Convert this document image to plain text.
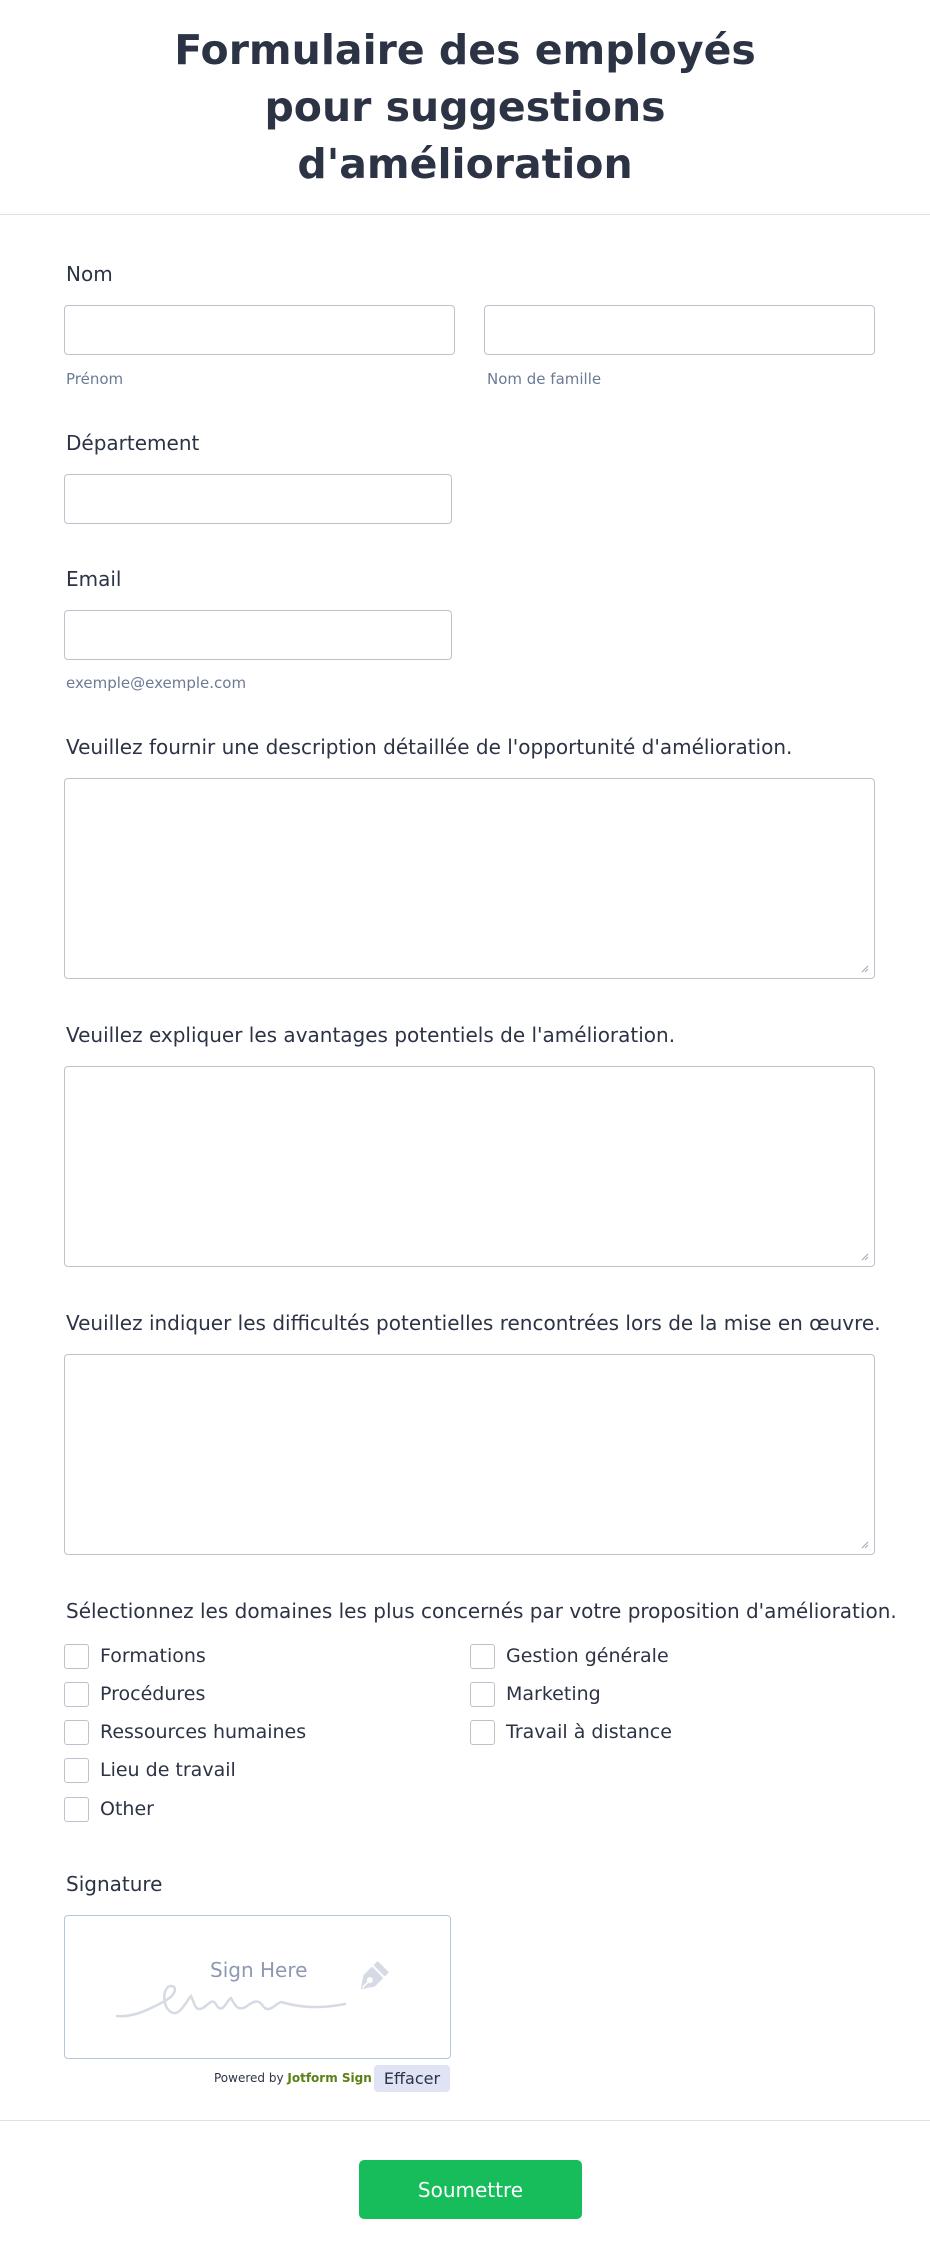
Formulaire des employés pour suggestions d'amélioration
Nom
Prénom	Nom de famille
Département
Email
exemple@exemple.com
Veuillez fournir une description détaillée de l'opportunité d'amélioration.
Veuillez expliquer les avantages potentiels de l'amélioration.
Veuillez indiquer les difficultés potentielles rencontrées lors de la mise en œuvre.
Sélectionnez les domaines les plus concernés par votre proposition d'amélioration.
Formations
Procédures
Ressources humaines
Lieu de travail
Other
Gestion générale
Marketing
Travail à distance
Signature
Sign Here
Powered by Jotform Sign Effacer
Soumettre
